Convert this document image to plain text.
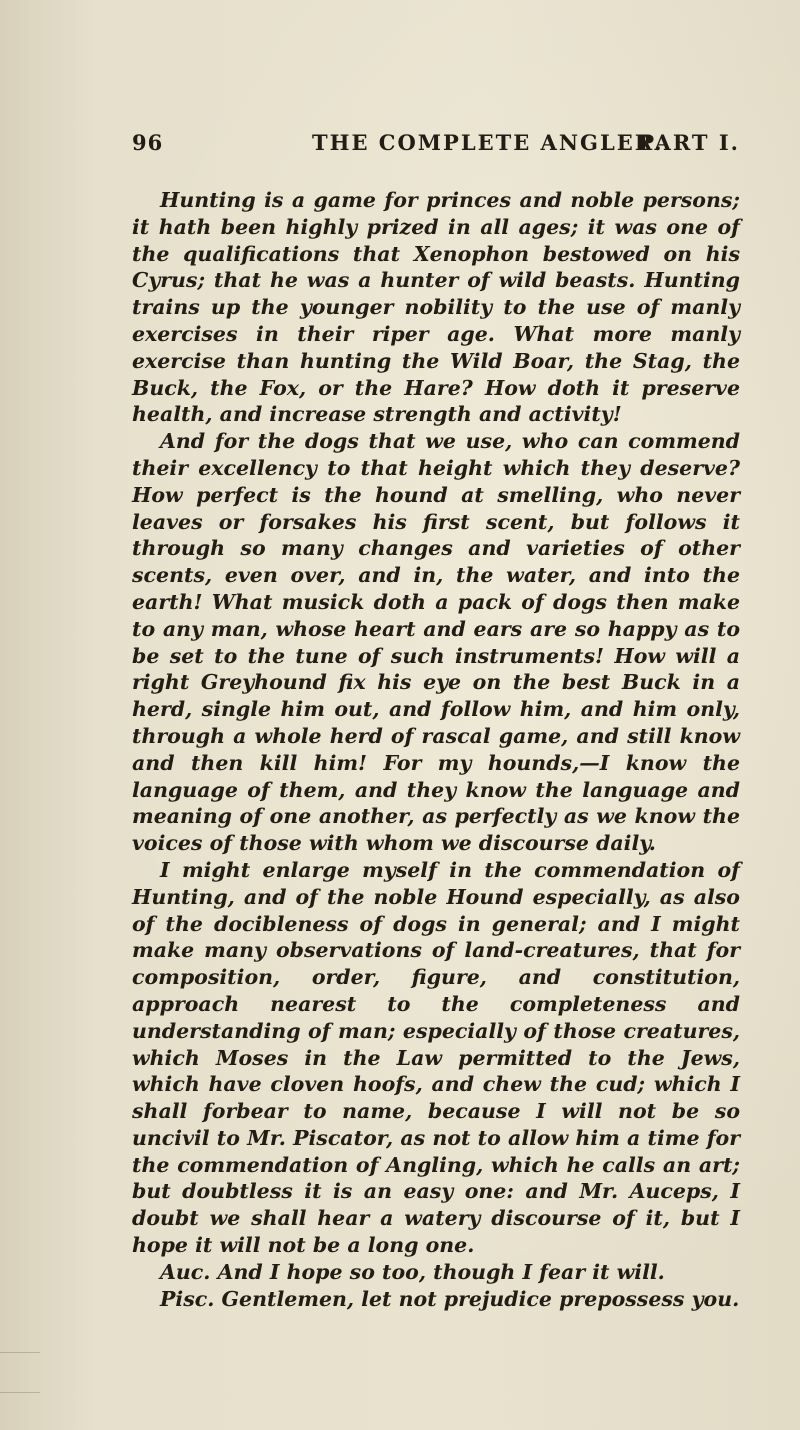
96	THE COMPLETE ANGLER.
PART I.

Hunting is a game for princes and noble persons; it hath been highly prized in all ages; it was one of the qualifications that Xenophon bestowed on his Cyrus; that he was a hunter of wild beasts. Hunting trains up the younger nobility to the use of manly exercises in their riper age. What more manly exercise than hunting the Wild Boar, the Stag, the Buck, the Fox, or the Hare? How doth it preserve health, and increase strength and activity!

And for the dogs that we use, who can commend their excellency to that height which they deserve? How perfect is the hound at smelling, who never leaves or forsakes his first scent, but follows it through so many changes and varieties of other scents, even over, and in, the water, and into the earth! What musick doth a pack of dogs then make to any man, whose heart and ears are so happy as to be set to the tune of such instruments! How will a right Greyhound fix his eye on the best Buck in a herd, single him out, and follow him, and him only, through a whole herd of rascal game, and still know and then kill him! For my hounds,—I know the language of them, and they know the language and meaning of one another, as perfectly as we know the voices of those with whom we discourse daily.

I might enlarge myself in the commendation of Hunting, and of the noble Hound especially, as also of the docibleness of dogs in general; and I might make many observations of land-creatures, that for composition, order, figure, and constitution, approach nearest to the completeness and understanding of man; especially of those creatures, which Moses in the Law permitted to the Jews, which have cloven hoofs, and chew the cud; which I shall forbear to name, because I will not be so uncivil to Mr. Piscator, as not to allow him a time for the commendation of Angling, which he calls an art; but doubtless it is an easy one: and Mr. Auceps, I doubt we shall hear a watery discourse of it, but I hope it will not be a long one.

Auc. And I hope so too, though I fear it will.

Pisc. Gentlemen, let not prejudice prepossess you.
